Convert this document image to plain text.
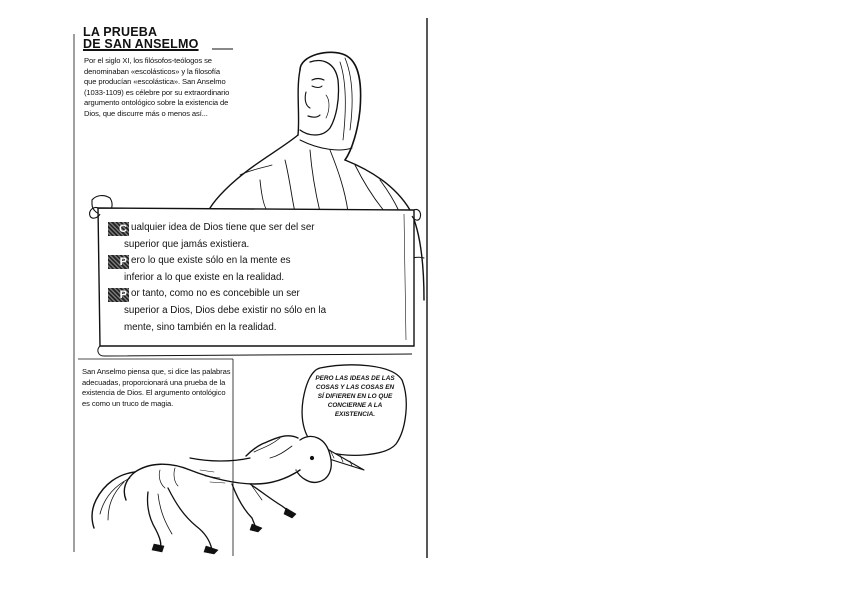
LA PRUEBA
DE SAN ANSELMO

Por el siglo XI, los filósofos-teólogos se denominaban «escolásticos» y la filosofía que producían «escolástica». San Anselmo (1033-1109) es célebre por su extraordinario argumento ontológico sobre la existencia de Dios, que discurre más o menos así...

C ualquier idea de Dios tiene que ser del ser

superior que jamás existiera.

P ero lo que existe sólo en la mente es

inferior a lo que existe en la realidad.

P or tanto, como no es concebible un ser

superior a Dios, Dios debe existir no sólo en la

mente, sino también en la realidad.

San Anselmo piensa que, si dice las palabras adecuadas, proporcionará una prueba de la existencia de Dios. El argumento ontológico es como un truco de magia.

PERO LAS IDEAS DE LAS COSAS Y LAS COSAS EN SÍ DIFIEREN EN LO QUE CONCIERNE A LA EXISTENCIA.
